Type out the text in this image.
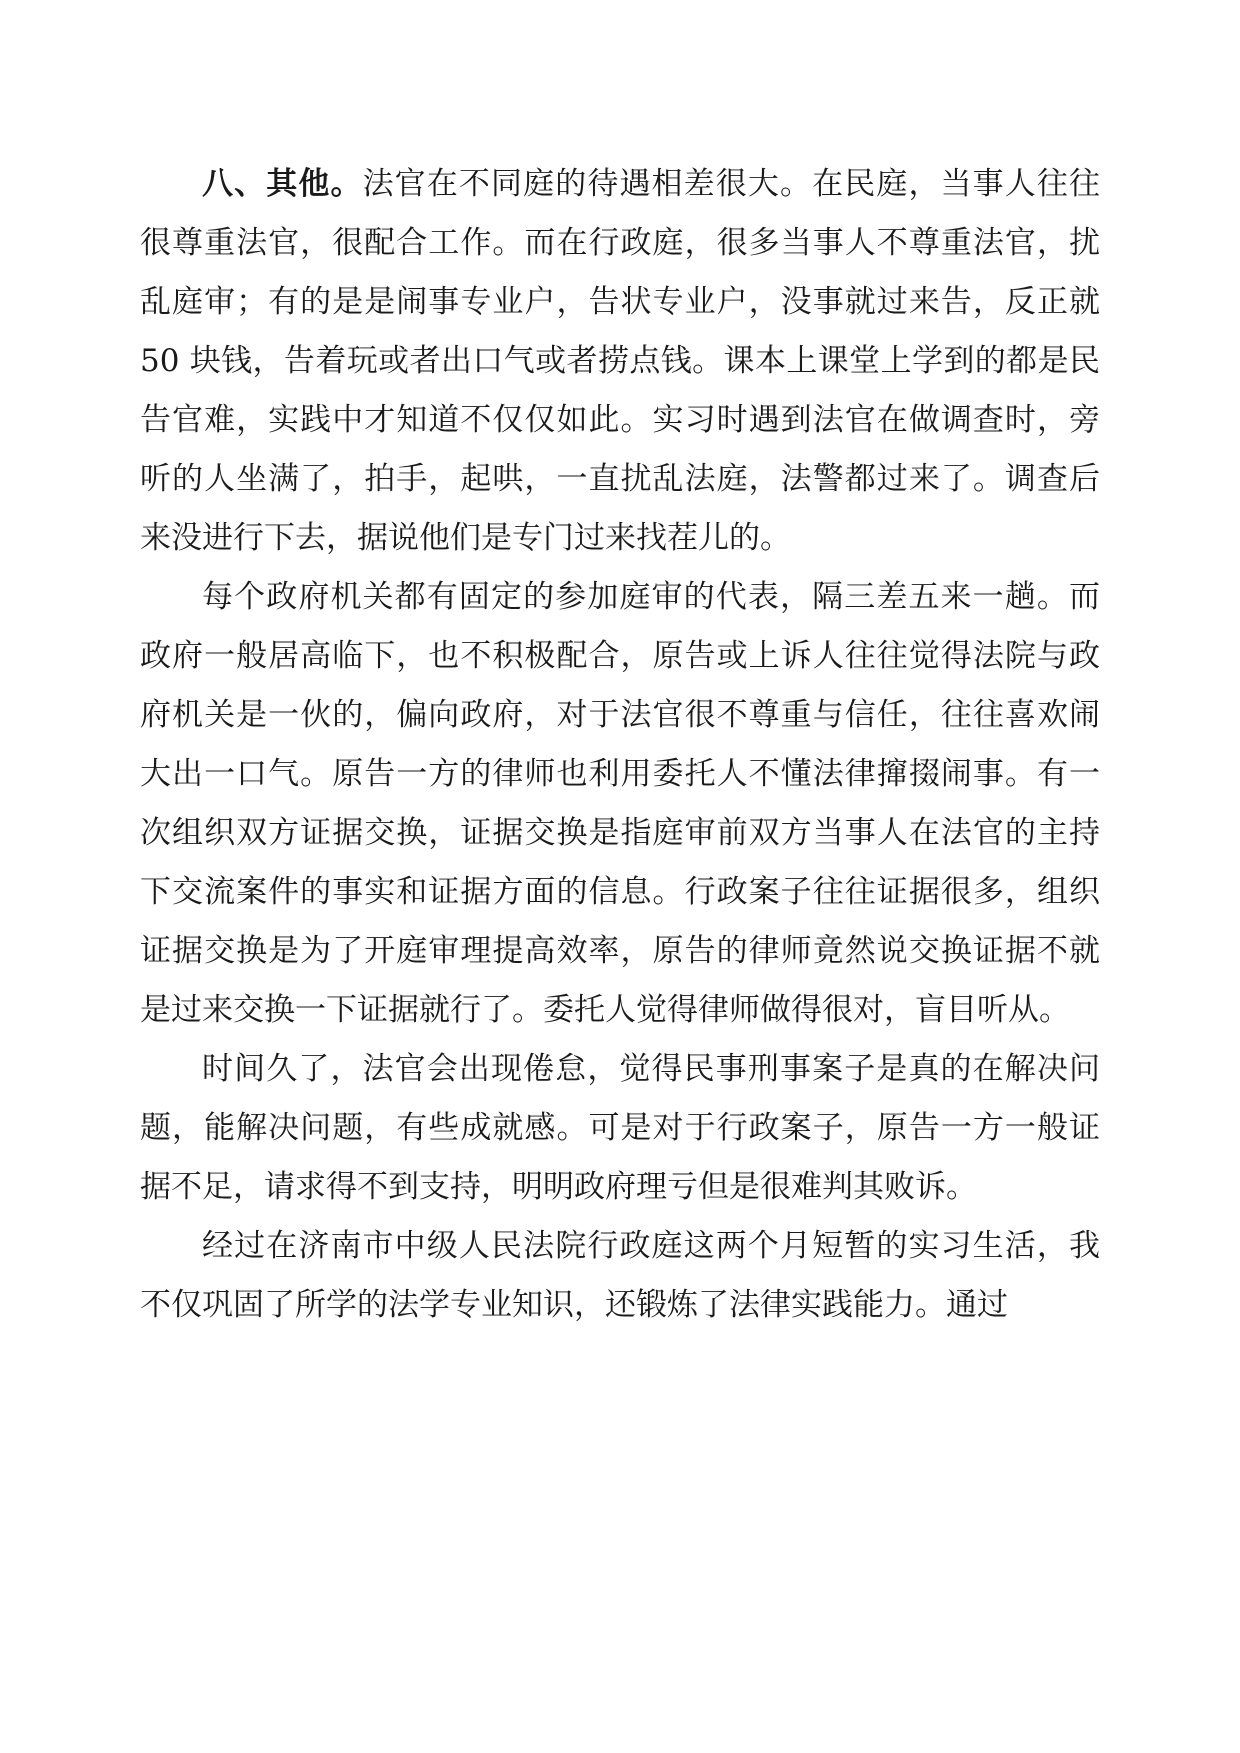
八、其他。法官在不同庭的待遇相差很大。在民庭，当事人往往很尊重法官，很配合工作。而在行政庭，很多当事人不尊重法官，扰乱庭审；有的是是闹事专业户，告状专业户，没事就过来告，反正就 50 块钱，告着玩或者出口气或者捞点钱。课本上课堂上学到的都是民告官难，实践中才知道不仅仅如此。实习时遇到法官在做调查时，旁听的人坐满了，拍手，起哄，一直扰乱法庭，法警都过来了。调查后来没进行下去，据说他们是专门过来找茬儿的。

每个政府机关都有固定的参加庭审的代表，隔三差五来一趟。而政府一般居高临下，也不积极配合，原告或上诉人往往觉得法院与政府机关是一伙的，偏向政府，对于法官很不尊重与信任，往往喜欢闹大出一口气。原告一方的律师也利用委托人不懂法律撺掇闹事。有一次组织双方证据交换，证据交换是指庭审前双方当事人在法官的主持下交流案件的事实和证据方面的信息。行政案子往往证据很多，组织证据交换是为了开庭审理提高效率，原告的律师竟然说交换证据不就是过来交换一下证据就行了。委托人觉得律师做得很对，盲目听从。

时间久了，法官会出现倦怠，觉得民事刑事案子是真的在解决问题，能解决问题，有些成就感。可是对于行政案子，原告一方一般证据不足，请求得不到支持，明明政府理亏但是很难判其败诉。

经过在济南市中级人民法院行政庭这两个月短暂的实习生活，我不仅巩固了所学的法学专业知识，还锻炼了法律实践能力。通过
